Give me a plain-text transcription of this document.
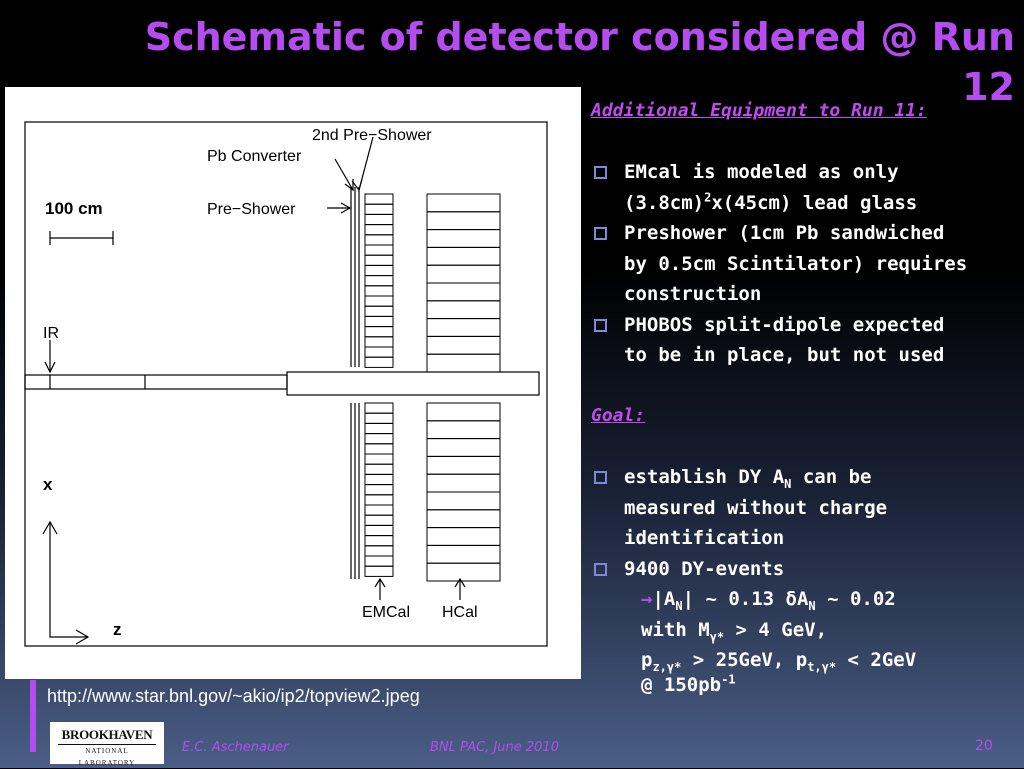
Schematic of detector considered @ Run 12
2nd Pre−Shower
Pb Converter
Pre−Shower
100 cm
IR
x
z
EMCal HCal
Additional Equipment to Run 11:
EMcal is modeled as only
$(3.8cm)^2x(45cm)$ lead glass
Preshower (1cm Pb sandwiched
by 0.5cm Scintilator) requires
construction
PHOBOS split-dipole expected
to be in place, but not used
Goal:
establish DY $A_N$ can be
measured without charge
identification
9400 DY-events
$\to|A_N|$ ~ 0.13 $\delta A_N$ ~ 0.02
with $M_{\gamma*} > 4$ GeV,
$p_{z,\gamma*} > 25GeV$, $p_{t,\gamma*} < 2GeV$
@ $150pb^{-1}$
http://www.star.bnl.gov/~akio/ip2/topview2.jpeg
BROOKHAVEN
NATIONAL LABORATORY
E.C. Aschenauer	BNL PAC, June 2010	20
